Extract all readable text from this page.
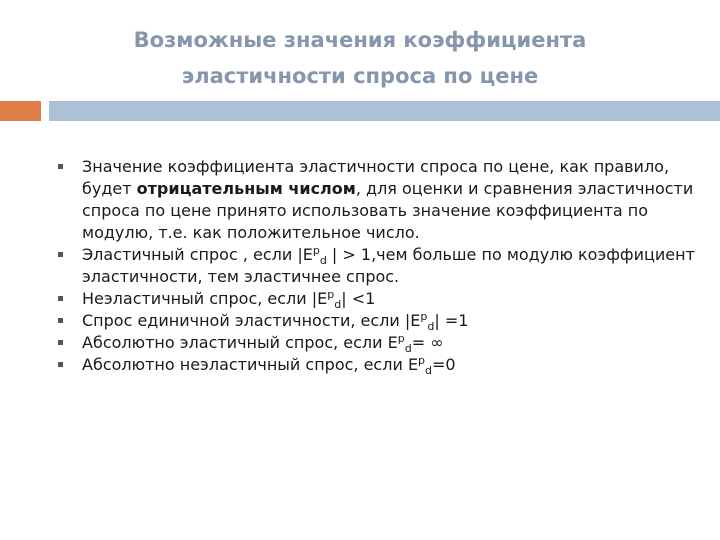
Возможные значения коэффициента
эластичности спроса по цене
Значение коэффициента эластичности спроса по цене, как правило, будет отрицательным числом, для оценки и сравнения эластичности спроса по цене принято использовать значение коэффициента по модулю, т.е. как положительное число.
Эластичный спрос , если $|E^p_d$ | > 1,чем больше по модулю коэффициент эластичности, тем эластичнее спрос.
Неэластичный спрос, если $|E^p_d| <1$
Спрос единичной эластичности, если $|E^p_d| =1$
Абсолютно эластичный спрос, если $E^p_d=$ ∞
Абсолютно неэластичный спрос, если $E^p_d=0$
